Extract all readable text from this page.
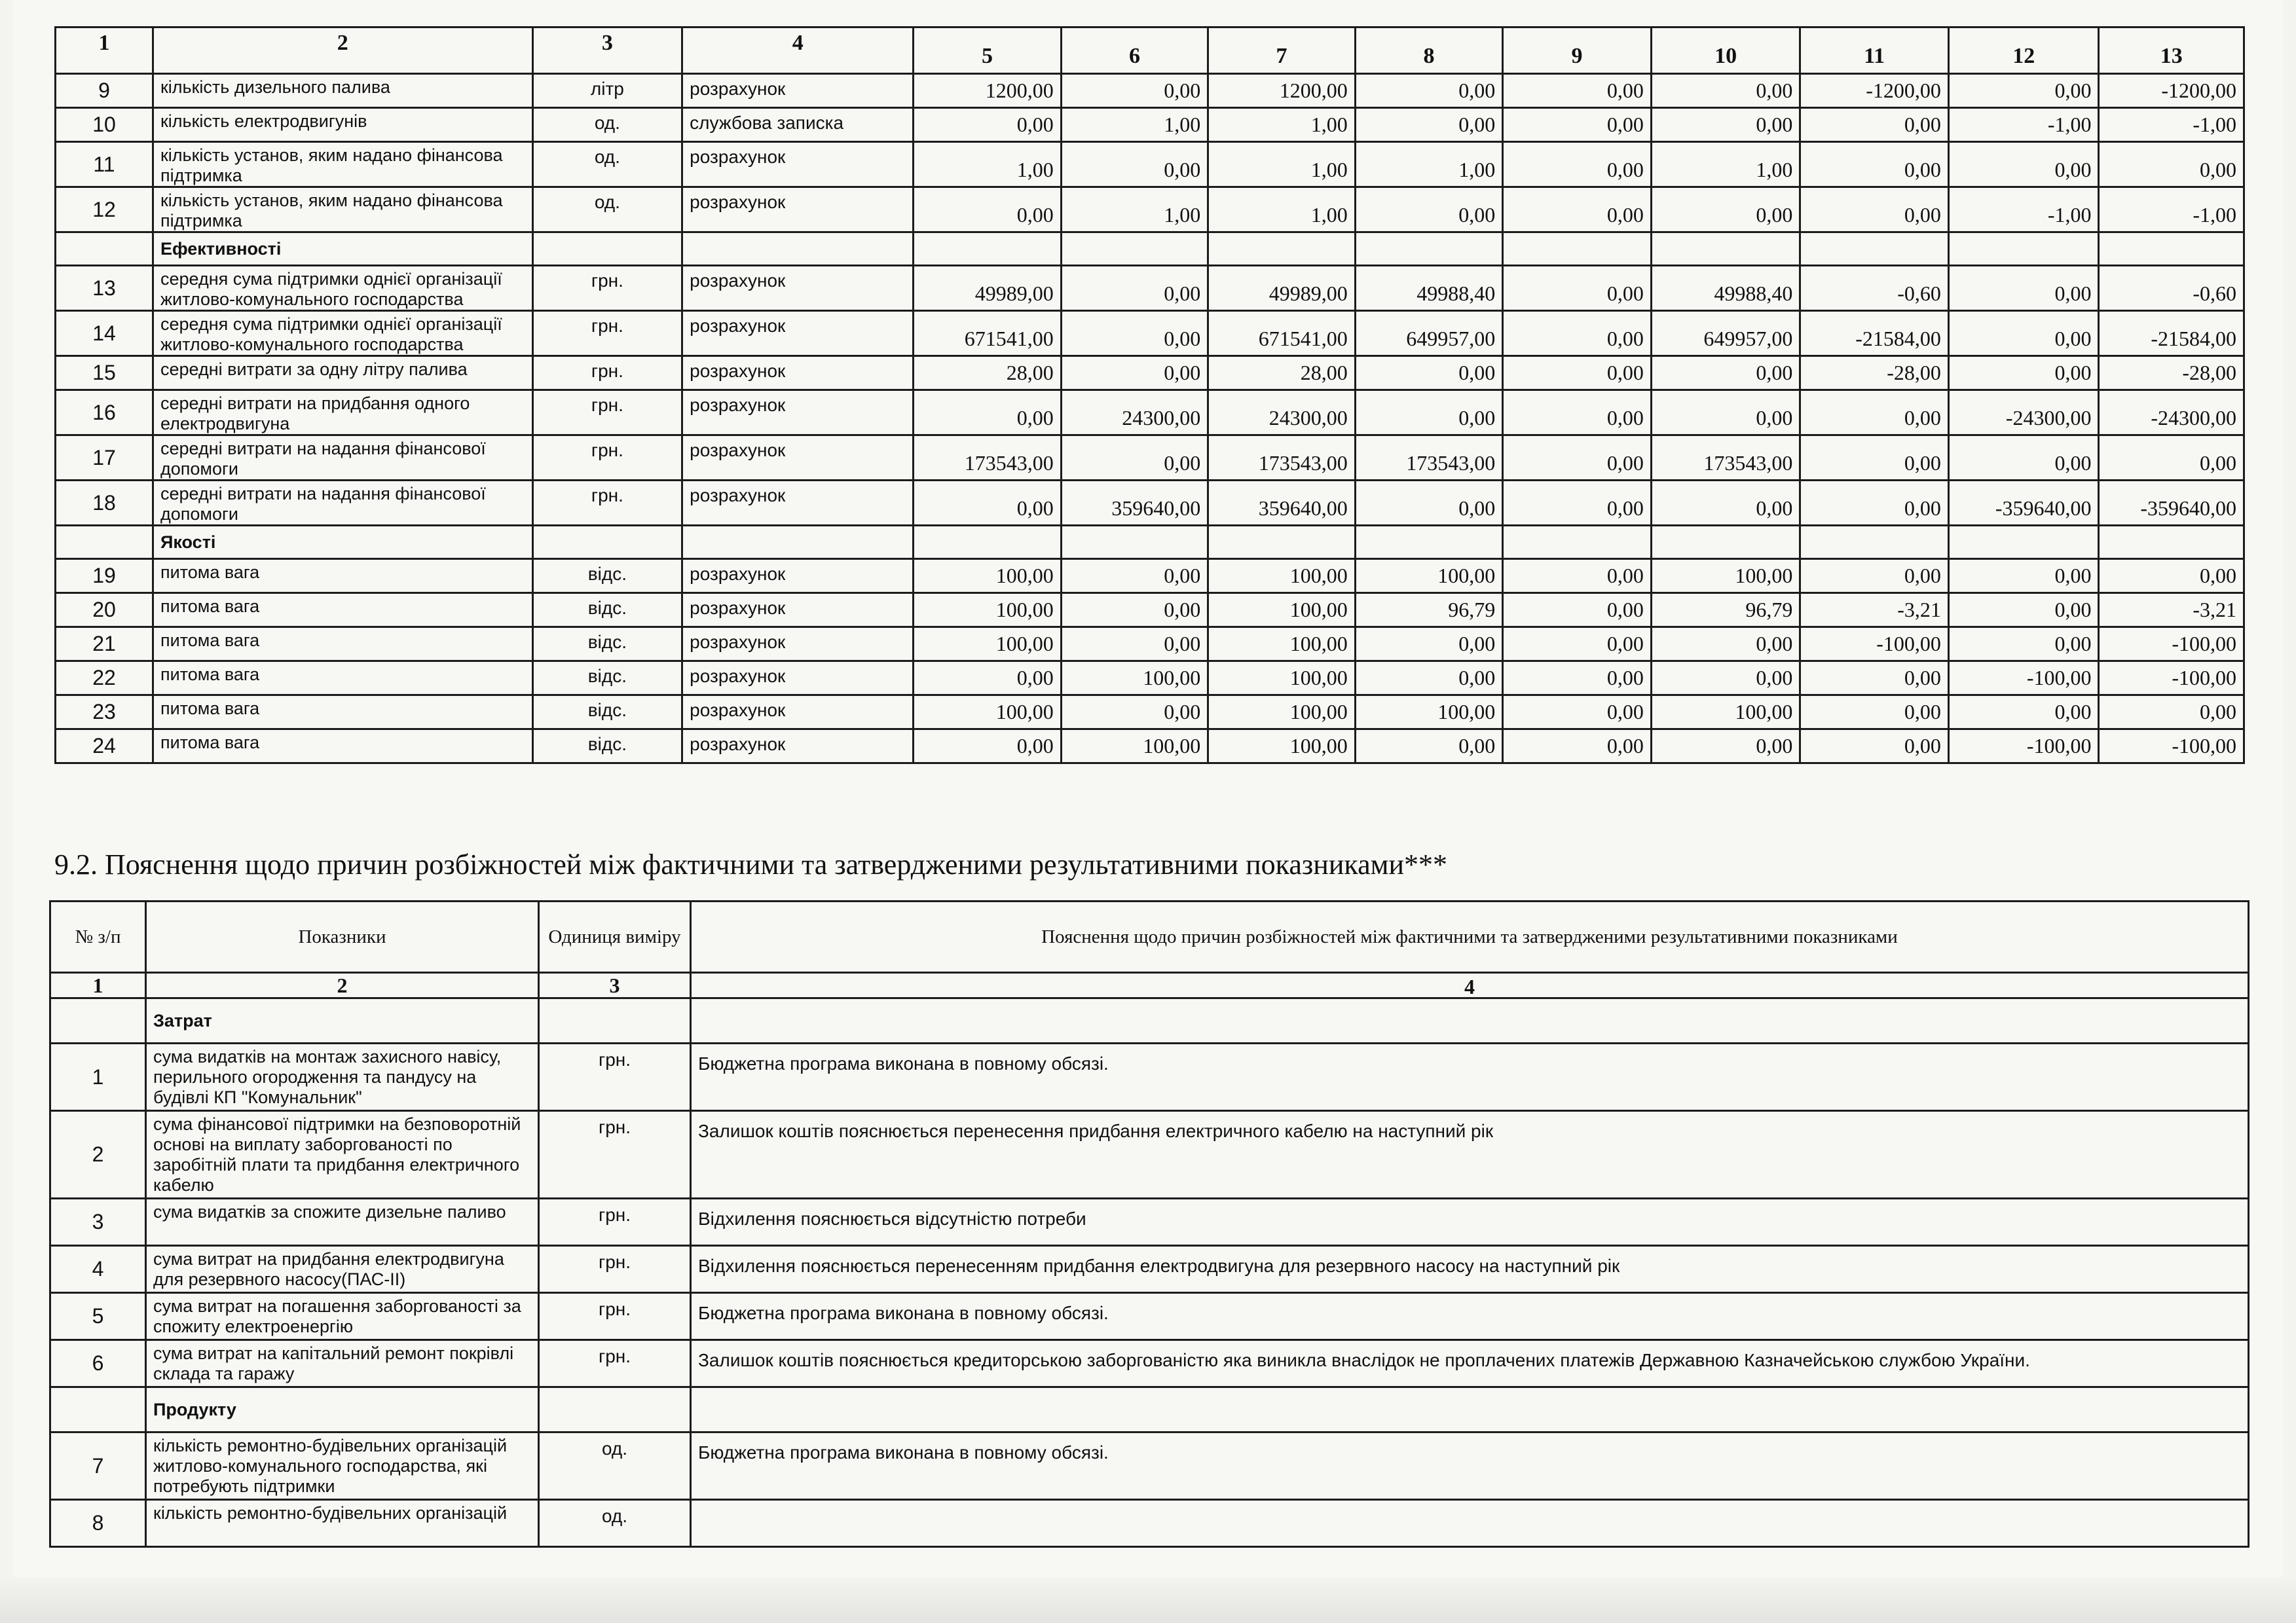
1	2	3	4	5	6	7	8	9	10	11	12	13
9	кількість дизельного палива	літр	розрахунок	1200,00	0,00	1200,00	0,00	0,00	0,00	-1200,00	0,00	-1200,00
10	кількість електродвигунів	од.	службова записка	0,00	1,00	1,00	0,00	0,00	0,00	0,00	-1,00	-1,00
11	кількість установ, яким надано фінансова підтримка	од.	розрахунок	1,00	0,00	1,00	1,00	0,00	1,00	0,00	0,00	0,00
12	кількість установ, яким надано фінансова підтримка	од.	розрахунок	0,00	1,00	1,00	0,00	0,00	0,00	0,00	-1,00	-1,00
	Ефективності											
13	середня сума підтримки однієї організації житлово-комунального господарства	грн.	розрахунок	49989,00	0,00	49989,00	49988,40	0,00	49988,40	-0,60	0,00	-0,60
14	середня сума підтримки однієї організації житлово-комунального господарства	грн.	розрахунок	671541,00	0,00	671541,00	649957,00	0,00	649957,00	-21584,00	0,00	-21584,00
15	середні витрати за одну літру палива	грн.	розрахунок	28,00	0,00	28,00	0,00	0,00	0,00	-28,00	0,00	-28,00
16	середні витрати на придбання одного електродвигуна	грн.	розрахунок	0,00	24300,00	24300,00	0,00	0,00	0,00	0,00	-24300,00	-24300,00
17	середні витрати на надання фінансової допомоги	грн.	розрахунок	173543,00	0,00	173543,00	173543,00	0,00	173543,00	0,00	0,00	0,00
18	середні витрати на надання фінансової допомоги	грн.	розрахунок	0,00	359640,00	359640,00	0,00	0,00	0,00	0,00	-359640,00	-359640,00
	Якості											
19	питома вага	відс.	розрахунок	100,00	0,00	100,00	100,00	0,00	100,00	0,00	0,00	0,00
20	питома вага	відс.	розрахунок	100,00	0,00	100,00	96,79	0,00	96,79	-3,21	0,00	-3,21
21	питома вага	відс.	розрахунок	100,00	0,00	100,00	0,00	0,00	0,00	-100,00	0,00	-100,00
22	питома вага	відс.	розрахунок	0,00	100,00	100,00	0,00	0,00	0,00	0,00	-100,00	-100,00
23	питома вага	відс.	розрахунок	100,00	0,00	100,00	100,00	0,00	100,00	0,00	0,00	0,00
24	питома вага	відс.	розрахунок	0,00	100,00	100,00	0,00	0,00	0,00	0,00	-100,00	-100,00
9.2. Пояснення щодо причин розбіжностей між фактичними та затвердженими результативними показниками***
№ з/п	Показники	Одиниця виміру	Пояснення щодо причин розбіжностей між фактичними та затвердженими результативними показниками
1	2	3	4

	Затрат		
1	сума видатків на монтаж захисного навісу, перильного огородження та пандусу на будівлі КП "Комунальник"	грн.	Бюджетна програма виконана в повному обсязі.
2	сума фінансової підтримки на безповоротній основі на виплату заборгованості по заробітній плати та придбання електричного кабелю	грн.	Залишок коштів пояснюється перенесення придбання електричного кабелю на наступний рік
3	сума видатків за спожите дизельне паливо	грн.	Відхилення пояснюється відсутністю потреби
4	сума витрат на придбання електродвигуна для резервного насосу(ПАС-ІІ)	грн.	Відхилення пояснюється перенесенням придбання електродвигуна для резервного насосу на наступний рік
5	сума витрат на погашення заборгованості за спожиту електроенергію	грн.	Бюджетна програма виконана в повному обсязі.
6	сума витрат на капітальний ремонт покрівлі склада та гаражу	грн.	Залишок коштів пояснюється кредиторською заборгованістю яка виникла внаслідок не проплачених платежів Державною Казначейською службою України.
	Продукту		
7	кількість ремонтно-будівельних організацій житлово-комунального господарства, які потребують підтримки	од.	Бюджетна програма виконана в повному обсязі.
8	кількість ремонтно-будівельних організацій	од.	
